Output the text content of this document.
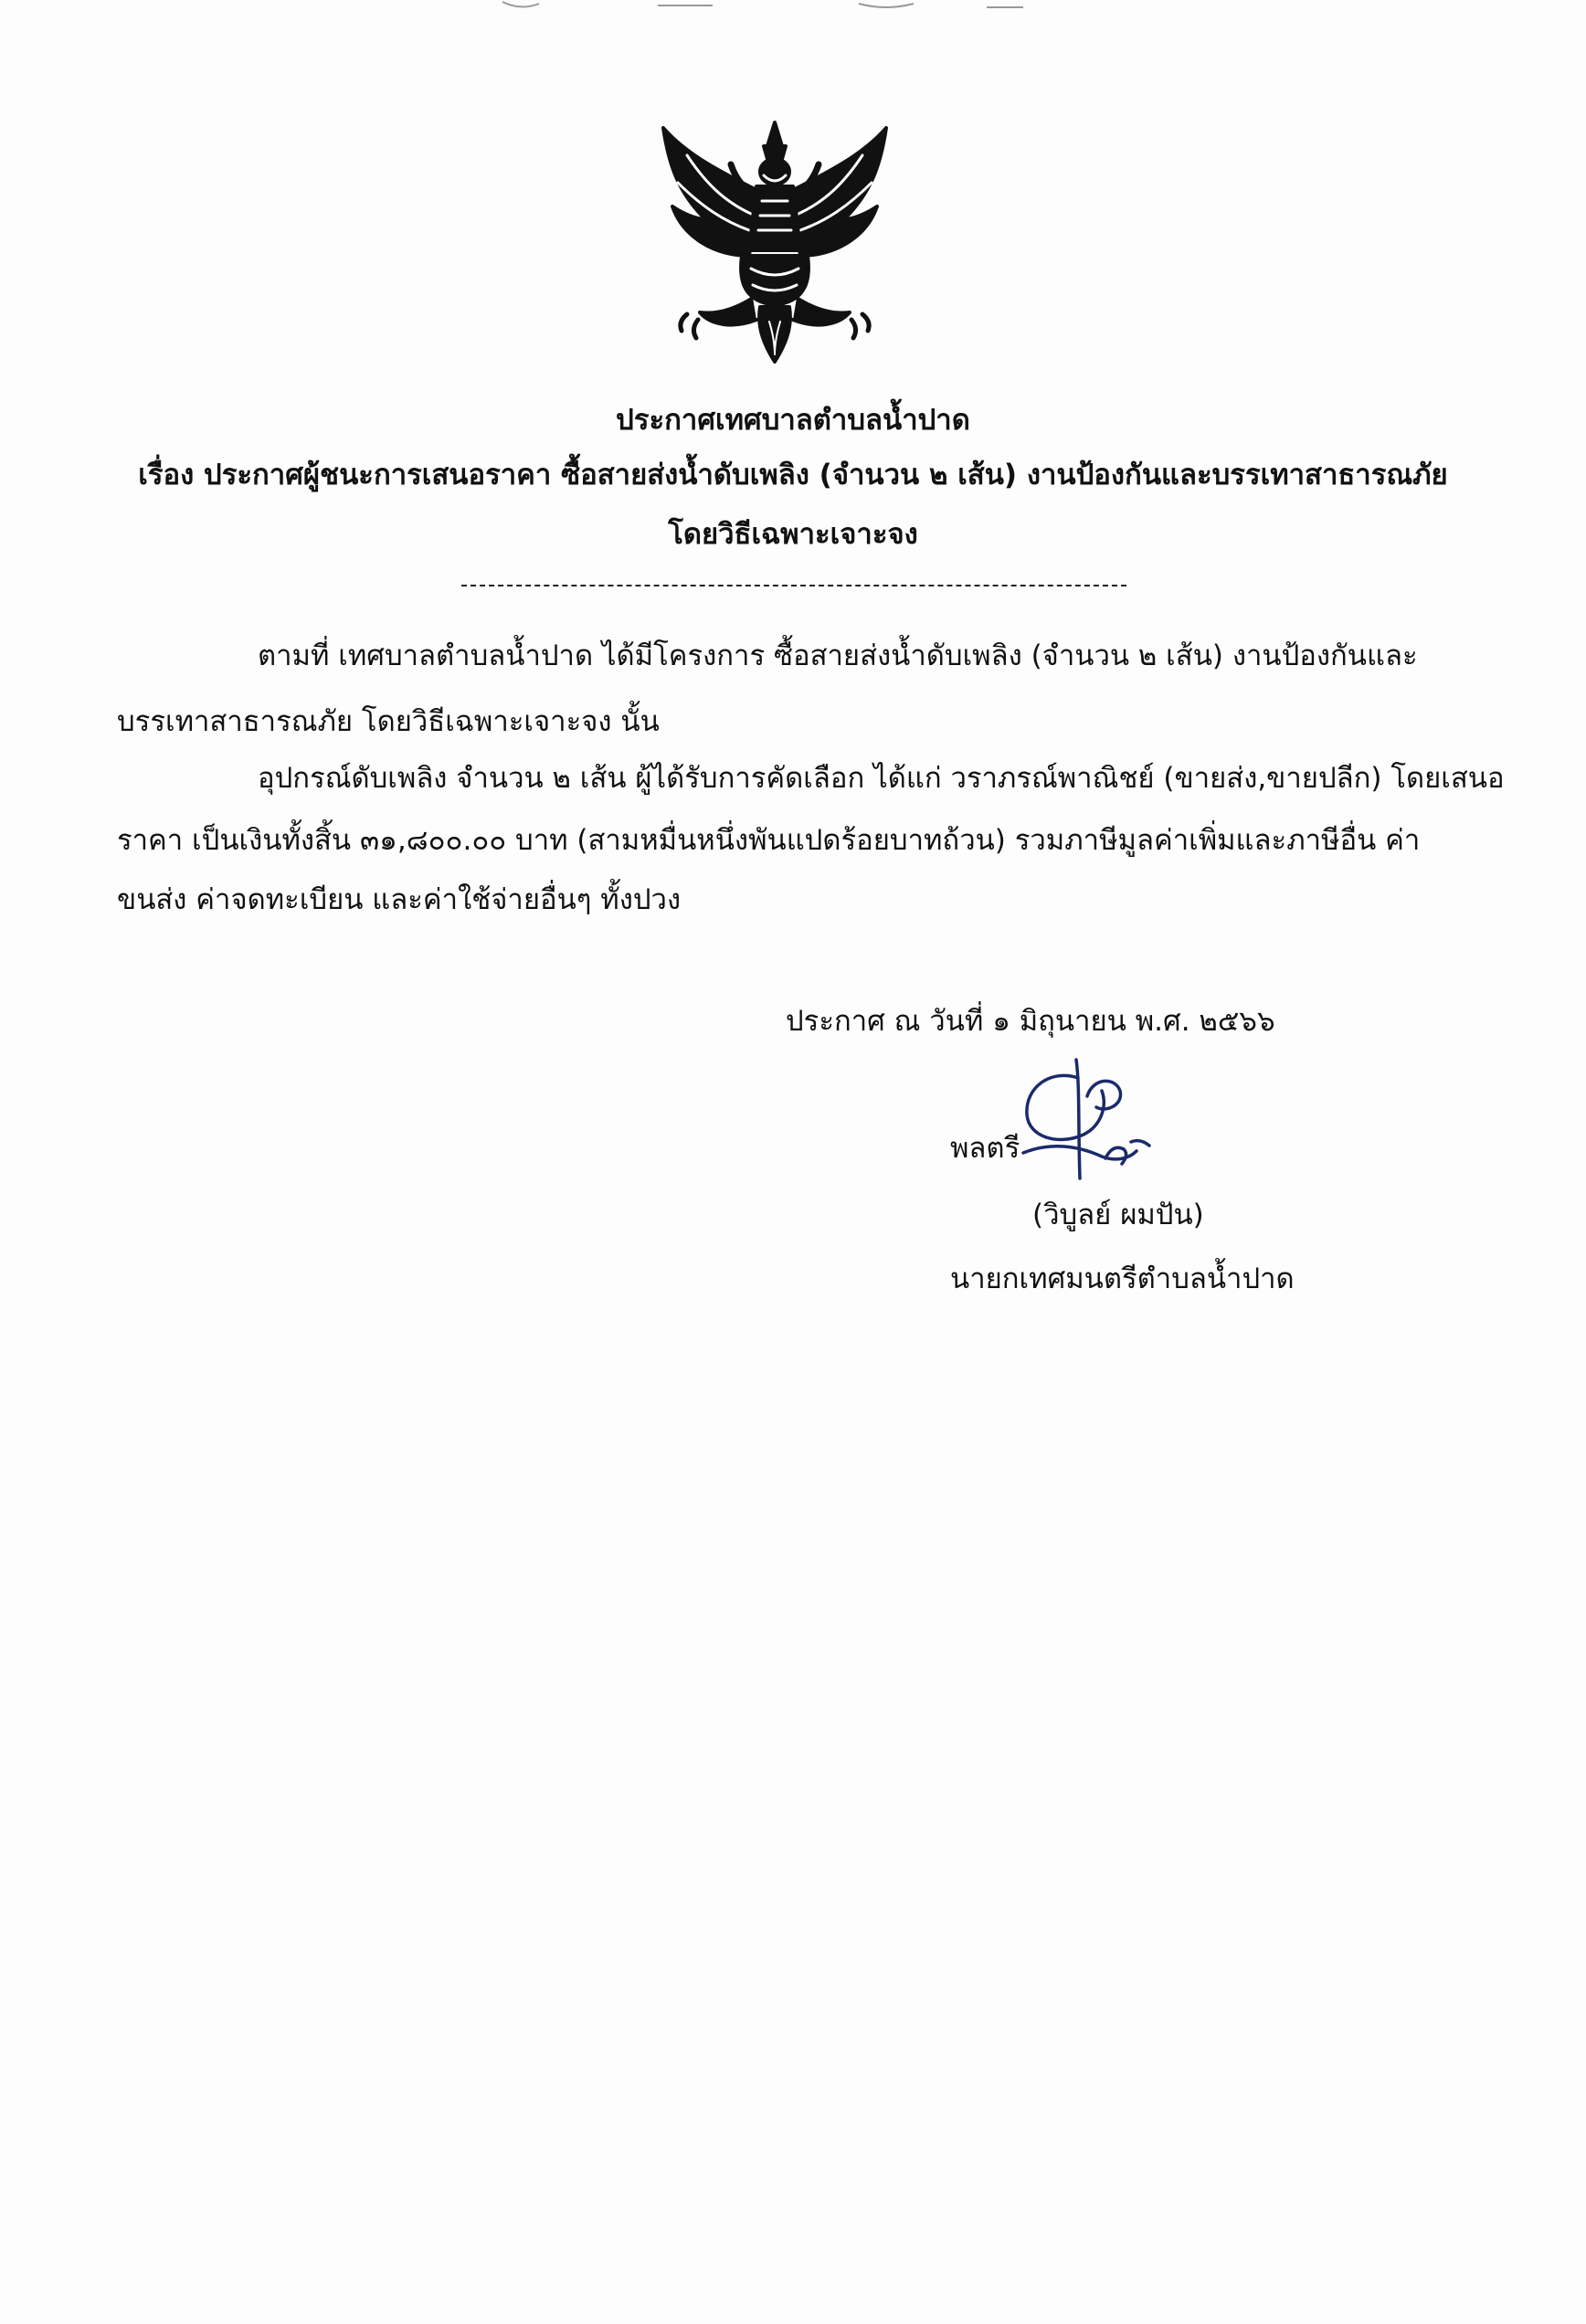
ประกาศเทศบาลตำบลน้ำปาด
เรื่อง ประกาศผู้ชนะการเสนอราคา ซื้อสายส่งน้ำดับเพลิง (จำนวน ๒ เส้น) งานป้องกันและบรรเทาสาธารณภัย
โดยวิธีเฉพาะเจาะจง
ตามที่ เทศบาลตำบลน้ำปาด ได้มีโครงการ ซื้อสายส่งน้ำดับเพลิง (จำนวน ๒ เส้น) งานป้องกันและ
บรรเทาสาธารณภัย โดยวิธีเฉพาะเจาะจง นั้น
อุปกรณ์ดับเพลิง จำนวน ๒ เส้น ผู้ได้รับการคัดเลือก ได้แก่ วราภรณ์พาณิชย์ (ขายส่ง,ขายปลีก) โดยเสนอ
ราคา เป็นเงินทั้งสิ้น ๓๑,๘๐๐.๐๐ บาท (สามหมื่นหนึ่งพันแปดร้อยบาทถ้วน) รวมภาษีมูลค่าเพิ่มและภาษีอื่น ค่า
ขนส่ง ค่าจดทะเบียน และค่าใช้จ่ายอื่นๆ ทั้งปวง
ประกาศ ณ วันที่ ๑ มิถุนายน พ.ศ. ๒๕๖๖
พลตรี
(วิบูลย์ ผมปัน)
นายกเทศมนตรีตำบลน้ำปาด
